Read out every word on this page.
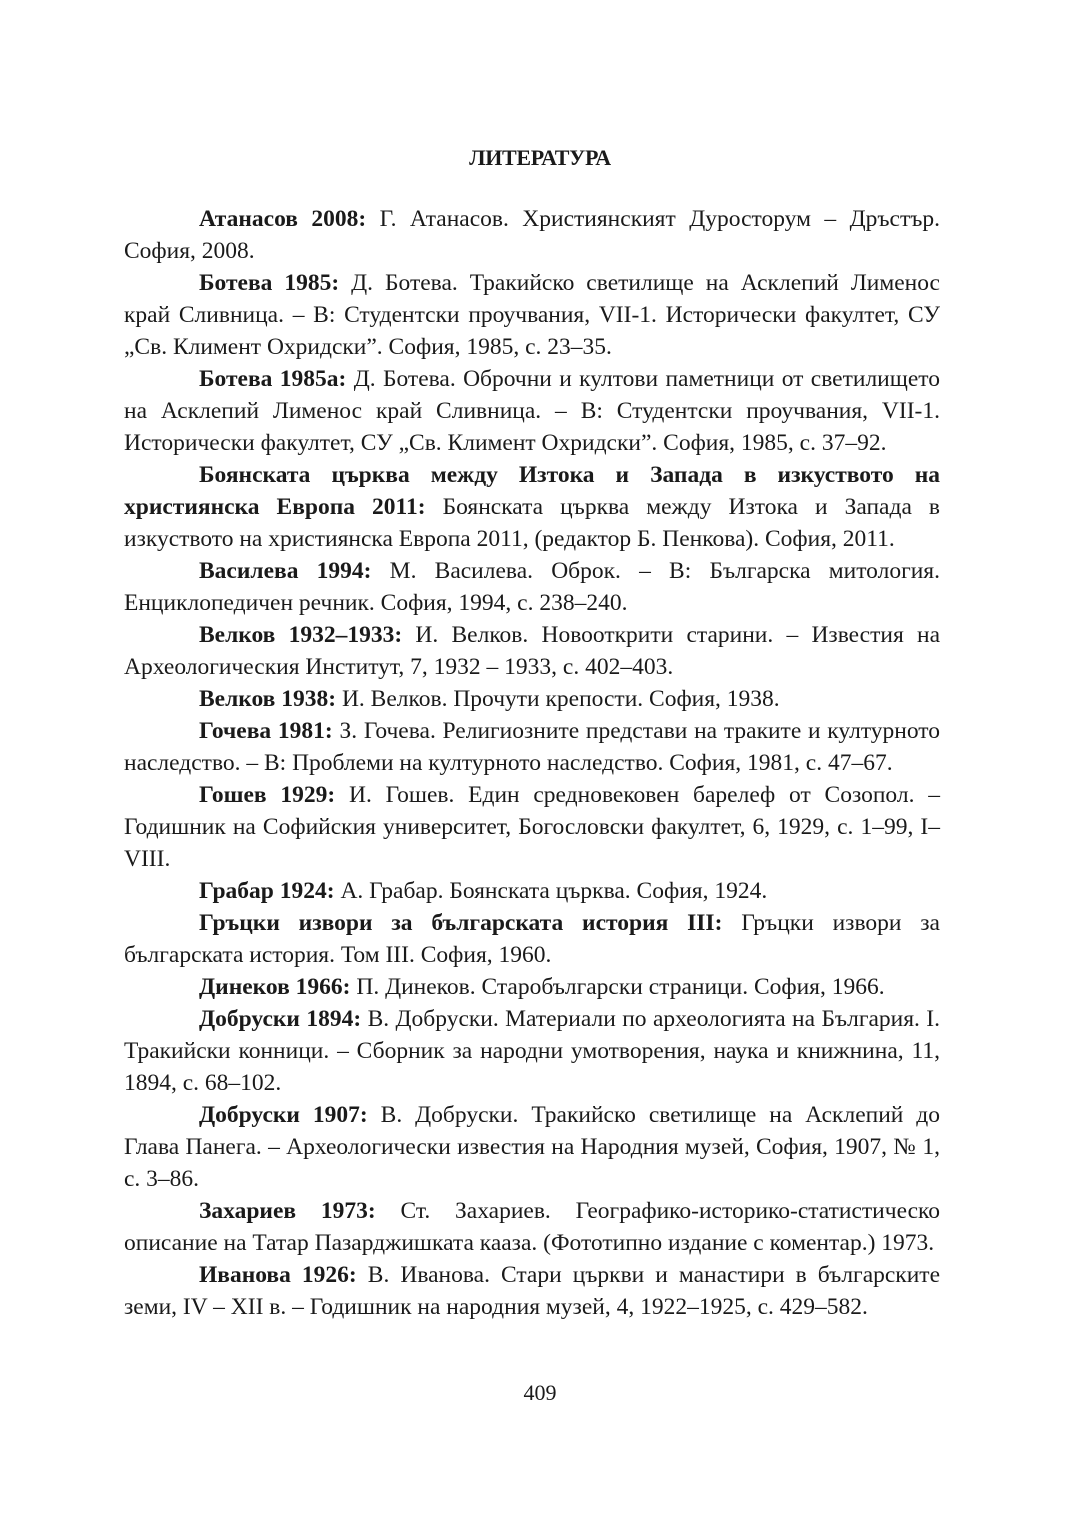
ЛИТЕРАТУРА
Атанасов 2008: Г. Атанасов. Християнският Дуросторум – Дръстър. София, 2008.
Ботева 1985: Д. Ботева. Тракийско светилище на Асклепий Лименос край Сливница. – В: Студентски проучвания, VII-1. Исторически факултет, СУ „Св. Климент Охридски”. София, 1985, с. 23–35.
Ботева 1985а: Д. Ботева. Оброчни и култови паметници от светилището на Асклепий Лименос край Сливница. – В: Студентски проучвания, VII-1. Исторически факултет, СУ „Св. Климент Охридски”. София, 1985, с. 37–92.
Боянската църква между Изтока и Запада в изкуството на християнска Европа 2011: Боянската църква между Изтока и Запада в изкуството на християнска Европа 2011, (редактор Б. Пенкова). София, 2011.
Василева 1994: М. Василева. Оброк. – В: Българска митология. Енциклопедичен речник. София, 1994, с. 238–240.
Велков 1932–1933: И. Велков. Новооткрити старини. – Известия на Археологическия Институт, 7, 1932 – 1933, с. 402–403.
Велков 1938: И. Велков. Прочути крепости. София, 1938.
Гочева 1981: З. Гочева. Религиозните представи на траките и културното наследство. – В: Проблеми на културното наследство. София, 1981, с. 47–67.
Гошев 1929: И. Гошев. Един средновековен барелеф от Созопол. – Годишник на Софийския университет, Богословски факултет, 6, 1929, с. 1–99, I–VIII.
Грабар 1924: А. Грабар. Боянската църква. София, 1924.
Гръцки извори за българската история III: Гръцки извори за българската история. Том III. София, 1960.
Динеков 1966: П. Динеков. Старобългарски страници. София, 1966.
Добруски 1894: В. Добруски. Материали по археологията на България. I. Тракийски конници. – Сборник за народни умотворения, наука и книжнина, 11, 1894, с. 68–102.
Добруски 1907: В. Добруски. Тракийско светилище на Асклепий до Глава Панега. – Археологически известия на Народния музей, София, 1907, № 1, с. 3–86.
Захариев 1973: Ст. Захариев. Географико-историко-статистическо описание на Татар Пазарджишката кааза. (Фототипно издание с коментар.) 1973.
Иванова 1926: В. Иванова. Стари църкви и манастири в българските земи, IV – XII в. – Годишник на народния музей, 4, 1922–1925, с. 429–582.
409
